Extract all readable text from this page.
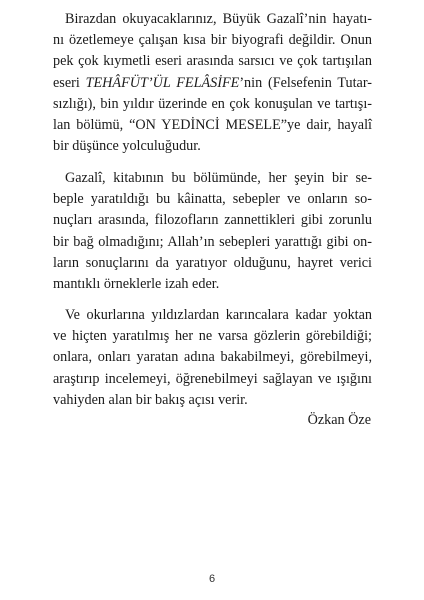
Birazdan okuyacaklarınız, Büyük Gazalî’nin hayatı-
nı özetlemeye çalışan kısa bir biyografi değildir. Onun
pek çok kıymetli eseri arasında sarsıcı ve çok tartışılan
eseri TEHÂFÜT’ÜL FELÂSİFE’nin (Felsefenin Tutar-
sızlığı), bin yıldır üzerinde en çok konuşulan ve tartışı-
lan bölümü, “ON YEDİNCİ MESELE”ye dair, hayalî
bir düşünce yolculuğudur.
Gazalî, kitabının bu bölümünde, her şeyin bir se-
beple yaratıldığı bu kâinatta, sebepler ve onların so-
nuçları arasında, filozofların zannettikleri gibi zorunlu
bir bağ olmadığını; Allah’ın sebepleri yarattığı gibi on-
ların sonuçlarını da yaratıyor olduğunu, hayret verici
mantıklı örneklerle izah eder.
Ve okurlarına yıldızlardan karıncalara kadar yoktan
ve hiçten yaratılmış her ne varsa gözlerin görebildiği;
onlara, onları yaratan adına bakabilmeyi, görebilmeyi,
araştırıp incelemeyi, öğrenebilmeyi sağlayan ve ışığını
vahiyden alan bir bakış açısı verir.
Özkan Öze
6
